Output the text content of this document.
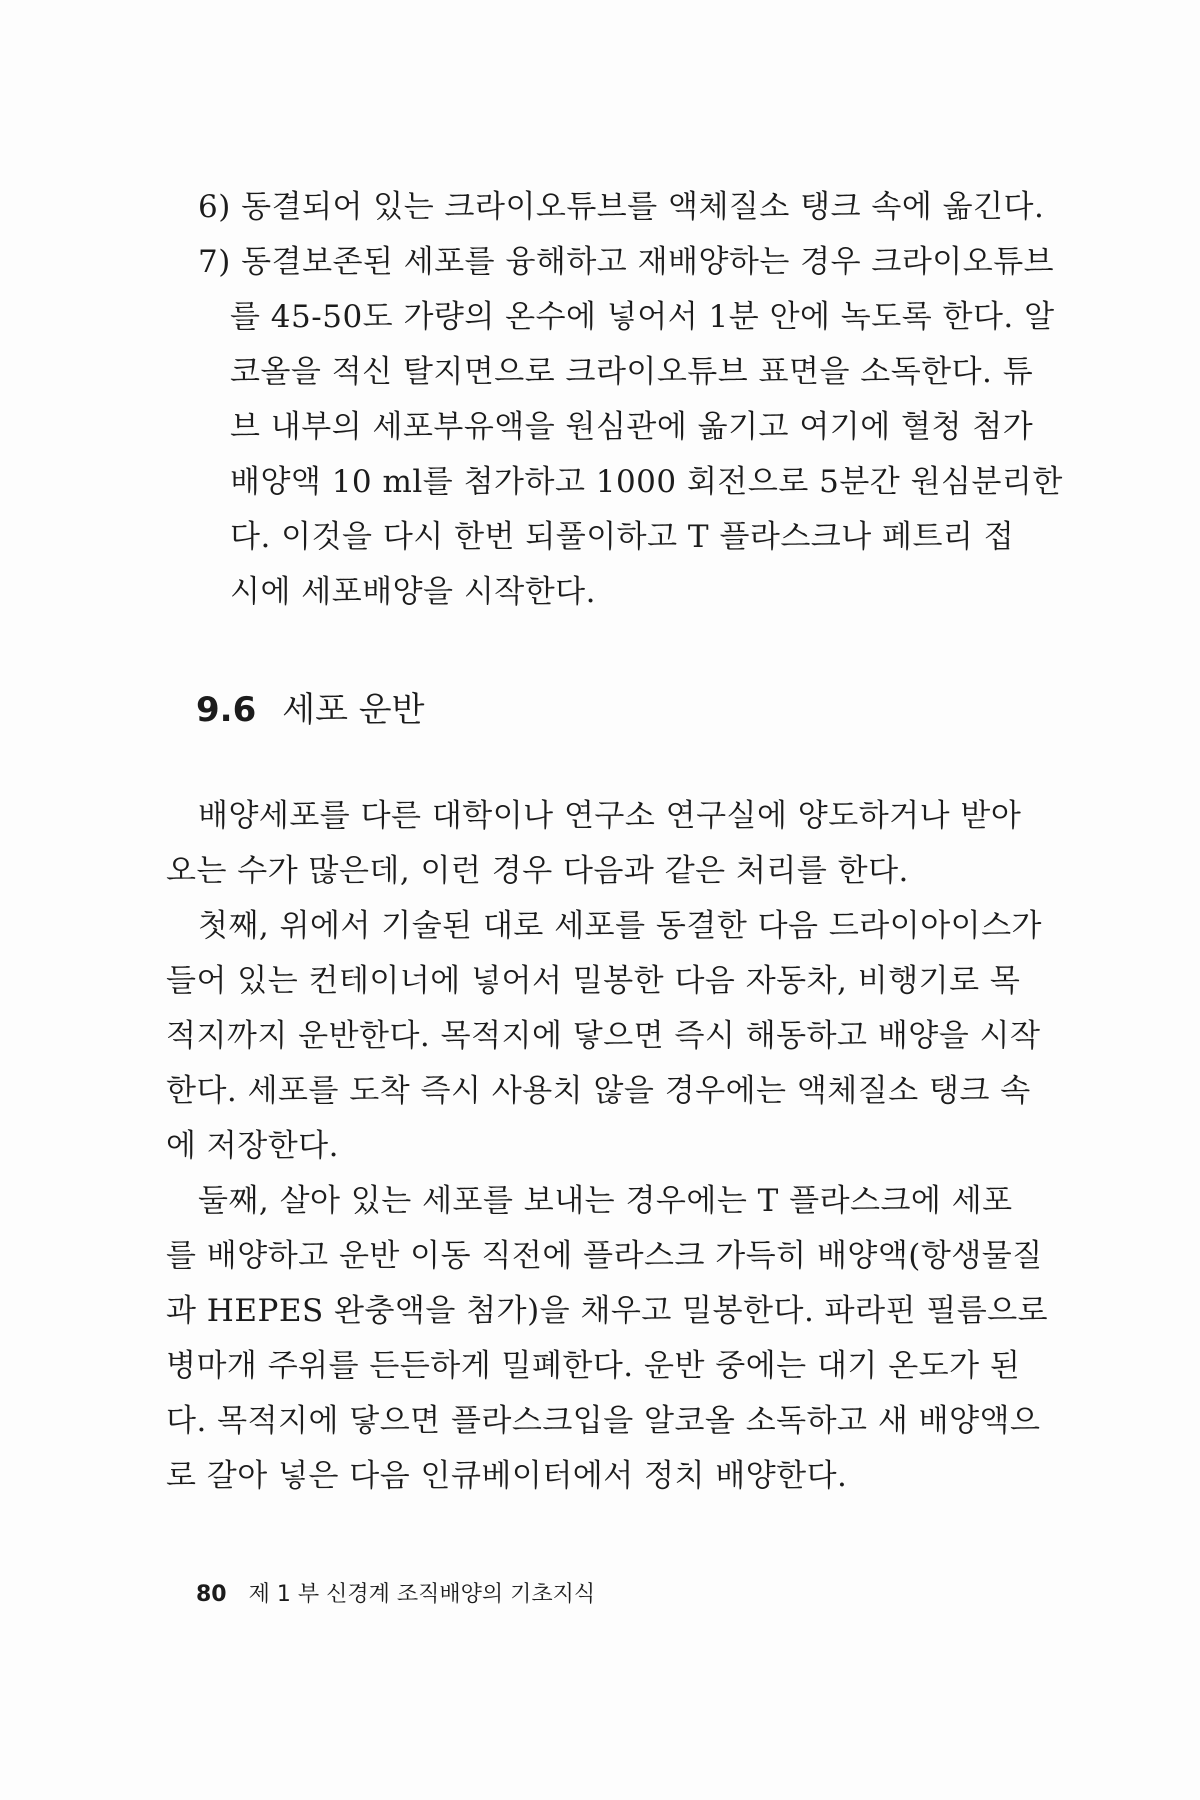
6) 동결되어 있는 크라이오튜브를 액체질소 탱크 속에 옮긴다.
7) 동결보존된 세포를 융해하고 재배양하는 경우 크라이오튜브
를 45-50도 가량의 온수에 넣어서 1분 안에 녹도록 한다. 알
코올을 적신 탈지면으로 크라이오튜브 표면을 소독한다. 튜
브 내부의 세포부유액을 원심관에 옮기고 여기에 혈청 첨가
배양액 10 ml를 첨가하고 1000 회전으로 5분간 원심분리한
다. 이것을 다시 한번 되풀이하고 T 플라스크나 페트리 접
시에 세포배양을 시작한다.
9.6 세포 운반
배양세포를 다른 대학이나 연구소 연구실에 양도하거나 받아
오는 수가 많은데, 이런 경우 다음과 같은 처리를 한다.
첫째, 위에서 기술된 대로 세포를 동결한 다음 드라이아이스가
들어 있는 컨테이너에 넣어서 밀봉한 다음 자동차, 비행기로 목
적지까지 운반한다. 목적지에 닿으면 즉시 해동하고 배양을 시작
한다. 세포를 도착 즉시 사용치 않을 경우에는 액체질소 탱크 속
에 저장한다.
둘째, 살아 있는 세포를 보내는 경우에는 T 플라스크에 세포
를 배양하고 운반 이동 직전에 플라스크 가득히 배양액(항생물질
과 HEPES 완충액을 첨가)을 채우고 밀봉한다. 파라핀 필름으로
병마개 주위를 든든하게 밀폐한다. 운반 중에는 대기 온도가 된
다. 목적지에 닿으면 플라스크입을 알코올 소독하고 새 배양액으
로 갈아 넣은 다음 인큐베이터에서 정치 배양한다.
80 제 1 부 신경계 조직배양의 기초지식
